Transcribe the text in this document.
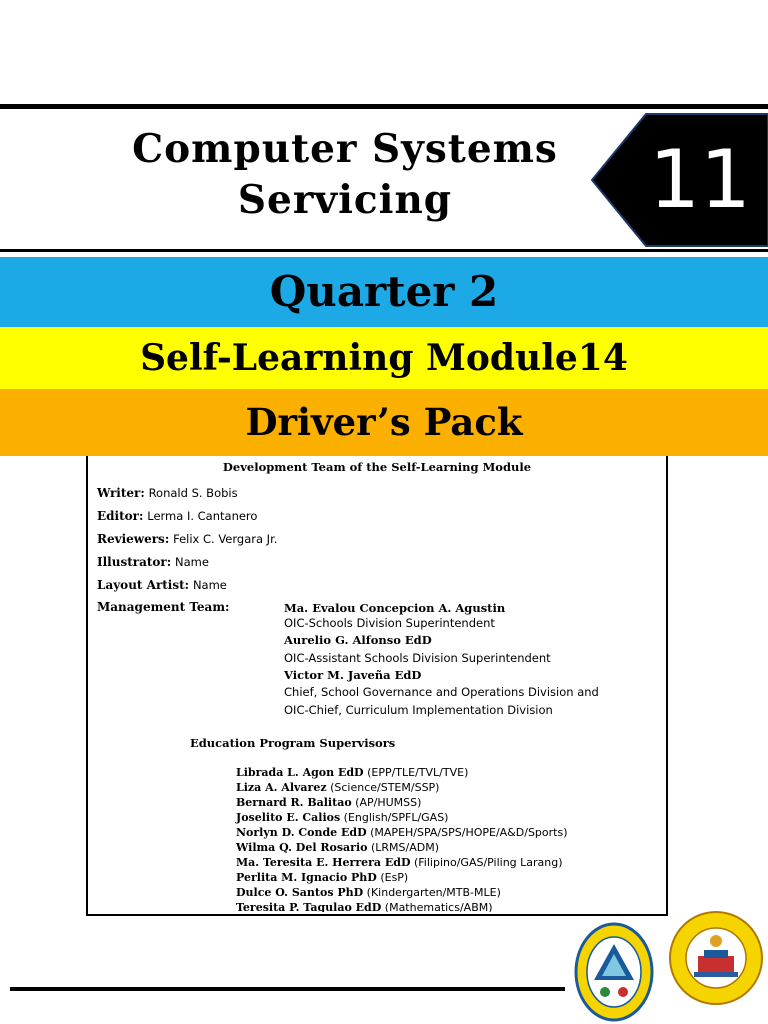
Computer Systems
Servicing	11
Quarter 2
Self-Learning Module14
Driver’s Pack
Development Team of the Self-Learning Module
Writer: Ronald S. Bobis
Editor: Lerma I. Cantanero
Reviewers: Felix C. Vergara Jr.
Illustrator: Name
Layout Artist: Name
Management Team:	Ma. Evalou Concepcion A. Agustin
OIC-Schools Division Superintendent
Aurelio G. Alfonso EdD
OIC-Assistant Schools Division Superintendent
Victor M. Javeña EdD
Chief, School Governance and Operations Division and
OIC-Chief, Curriculum Implementation Division
Education Program Supervisors
Librada L. Agon EdD (EPP/TLE/TVL/TVE)
Liza A. Alvarez (Science/STEM/SSP)
Bernard R. Balitao (AP/HUMSS)
Joselito E. Calios (English/SPFL/GAS)
Norlyn D. Conde EdD (MAPEH/SPA/SPS/HOPE/A&D/Sports)
Wilma Q. Del Rosario (LRMS/ADM)
Ma. Teresita E. Herrera EdD (Filipino/GAS/Piling Larang)
Perlita M. Ignacio PhD (EsP)
Dulce O. Santos PhD (Kindergarten/MTB-MLE)
Teresita P. Tagulao EdD (Mathematics/ABM)
